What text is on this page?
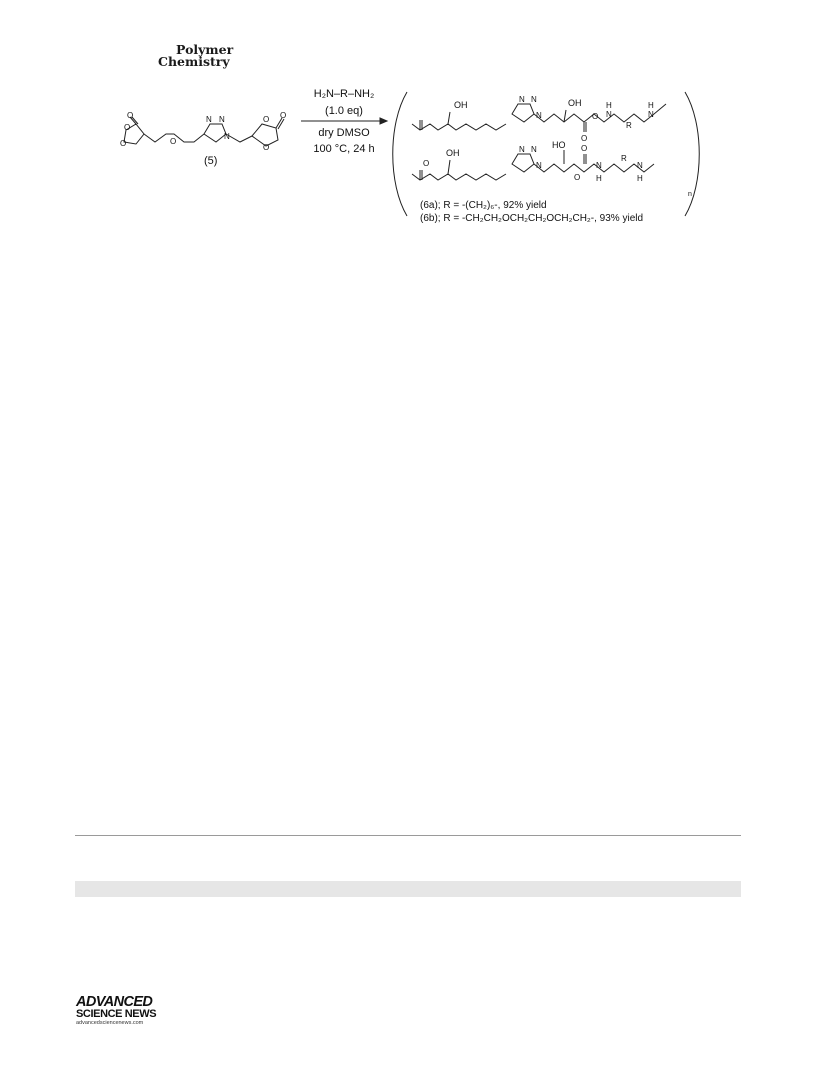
Polymer
Chemistry
O
O
O
O
N N
N
O O
O
(5)
H₂N‒R‒NH₂
(1.0 eq)
dry DMSO
100 °C, 24 h
OH
N N
N
OH
O
O
N
H
R
N
H
O
OH	N N
N
HO
O
O
N
H
R
N
H
n
(6a); R = -(CH₂)₆-, 92% yield
(6b); R = -CH₂CH₂OCH₂CH₂OCH₂CH₂-, 93% yield
ADVANCED
SCIENCE NEWS
advancedsciencenews.com
